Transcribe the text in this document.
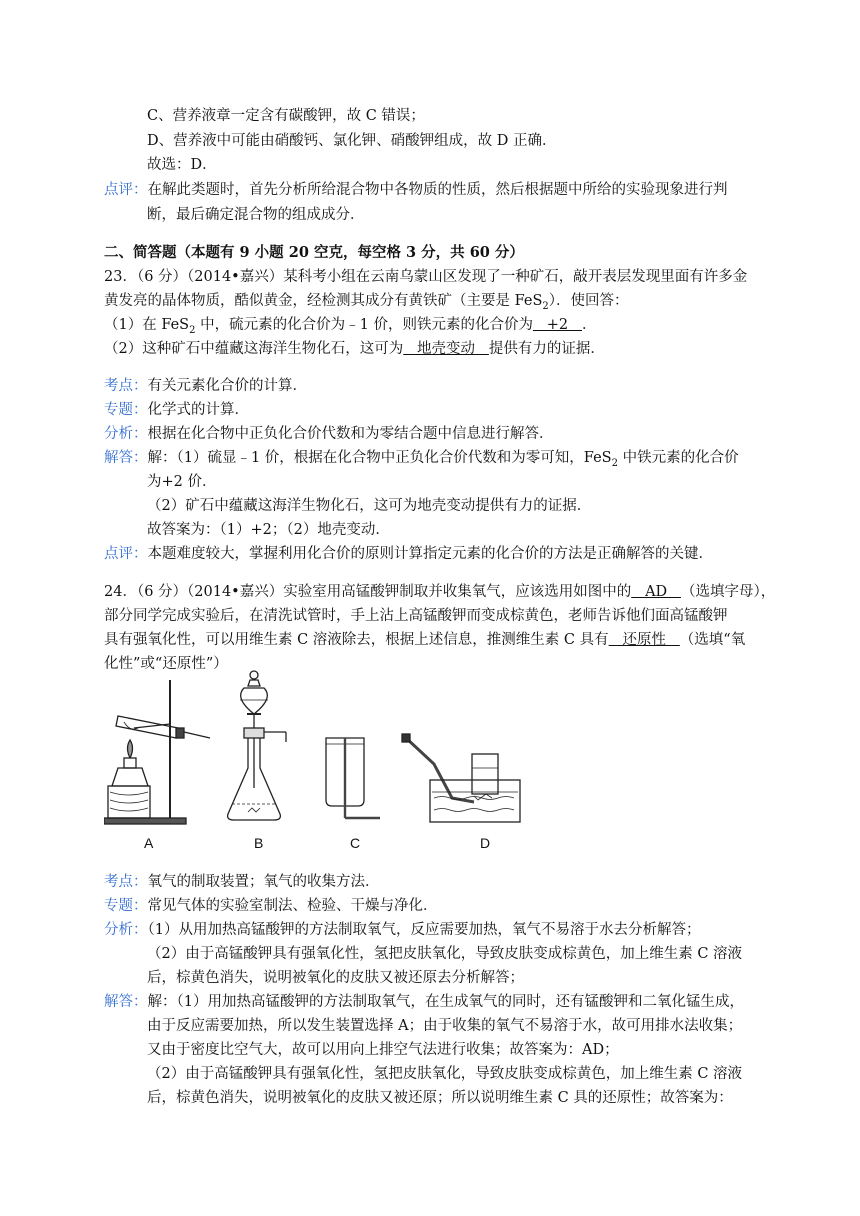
C、营养液章一定含有碳酸钾，故 C 错误；
D、营养液中可能由硝酸钙、氯化钾、硝酸钾组成，故 D 正确．
故选：D．
点评：在解此类题时，首先分析所给混合物中各物质的性质，然后根据题中所给的实验现象进行判
断，最后确定混合物的组成成分．
二、简答题（本题有 9 小题 20 空克，每空格 3 分，共 60 分）
23．（6 分）（2014•嘉兴）某科考小组在云南乌蒙山区发现了一种矿石，敲开表层发现里面有许多金
黄发亮的晶体物质，酷似黄金，经检测其成分有黄铁矿（主要是 FeS$_2$）．使回答：
（1）在 FeS$_2$ 中，硫元素的化合价为﹣1 价，则铁元素的化合价为   +2   ．
（2）这种矿石中蕴藏这海洋生物化石，这可为   地壳变动   提供有力的证据．
考点：有关元素化合价的计算．
专题：化学式的计算．
分析：根据在化合物中正负化合价代数和为零结合题中信息进行解答．
解答：解：（1）硫显﹣1 价，根据在化合物中正负化合价代数和为零可知，FeS$_2$ 中铁元素的化合价
为+2 价．
（2）矿石中蕴藏这海洋生物化石，这可为地壳变动提供有力的证据．
故答案为：（1）+2；（2）地壳变动．
点评：本题难度较大，掌握利用化合价的原则计算指定元素的化合价的方法是正确解答的关键．
24．（6 分）（2014•嘉兴）实验室用高锰酸钾制取并收集氧气，应该选用如图中的   AD   （选填字母），
部分同学完成实验后，在清洗试管时，手上沾上高锰酸钾而变成棕黄色，老师告诉他们面高锰酸钾
具有强氧化性，可以用维生素 C 溶液除去，根据上述信息，推测维生素 C 具有   还原性   （选填“氧
化性”或“还原性”）
A	B	C	D
考点：氧气的制取装置；氧气的收集方法．
专题：常见气体的实验室制法、检验、干燥与净化．
分析：（1）从用加热高锰酸钾的方法制取氧气，反应需要加热，氧气不易溶于水去分析解答；
（2）由于高锰酸钾具有强氧化性，氢把皮肤氧化，导致皮肤变成棕黄色，加上维生素 C 溶液
后，棕黄色消失，说明被氧化的皮肤又被还原去分析解答；
解答：解：（1）用加热高锰酸钾的方法制取氧气，在生成氧气的同时，还有锰酸钾和二氧化锰生成，
由于反应需要加热，所以发生装置选择 A；由于收集的氧气不易溶于水，故可用排水法收集；
又由于密度比空气大，故可以用向上排空气法进行收集；故答案为：AD；
（2）由于高锰酸钾具有强氧化性，氢把皮肤氧化，导致皮肤变成棕黄色，加上维生素 C 溶液
后，棕黄色消失，说明被氧化的皮肤又被还原；所以说明维生素 C 具的还原性；故答案为：
